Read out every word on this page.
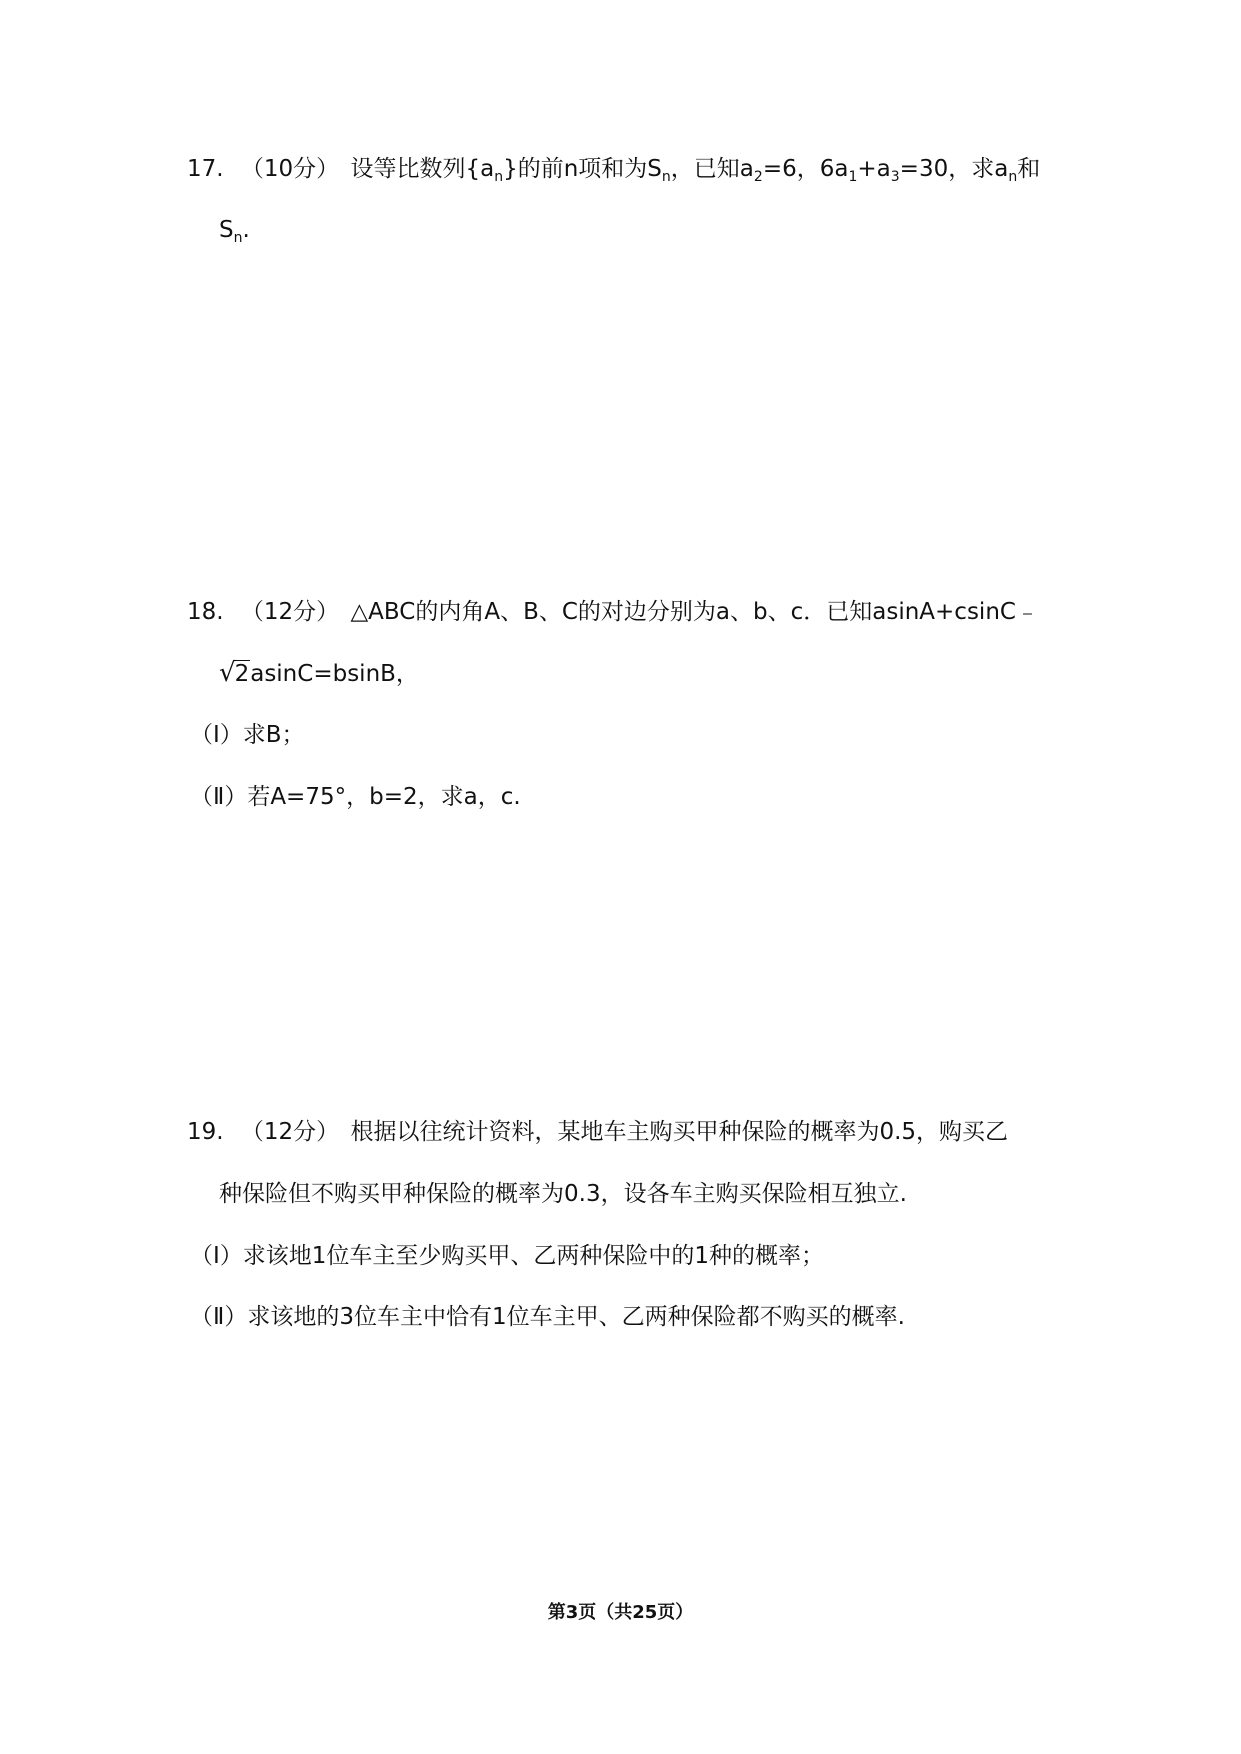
17. （10分） 设等比数列$\{a_n\}$的前n项和为$S_n$，已知$a_2=6$，$6a_1+a_3=30$，求$a_n$和
$S_n$.
18. （12分） △ABC的内角A、B、C的对边分别为a、b、c．已知asinA+csinC﹣
√2asinC=bsinB，
（Ⅰ）求B；
（Ⅱ）若A=75°，b=2，求a，c.
19. （12分） 根据以往统计资料，某地车主购买甲种保险的概率为0.5，购买乙
种保险但不购买甲种保险的概率为0.3，设各车主购买保险相互独立.
（Ⅰ）求该地1位车主至少购买甲、乙两种保险中的1种的概率；
（Ⅱ）求该地的3位车主中恰有1位车主甲、乙两种保险都不购买的概率.
第3页（共25页）
